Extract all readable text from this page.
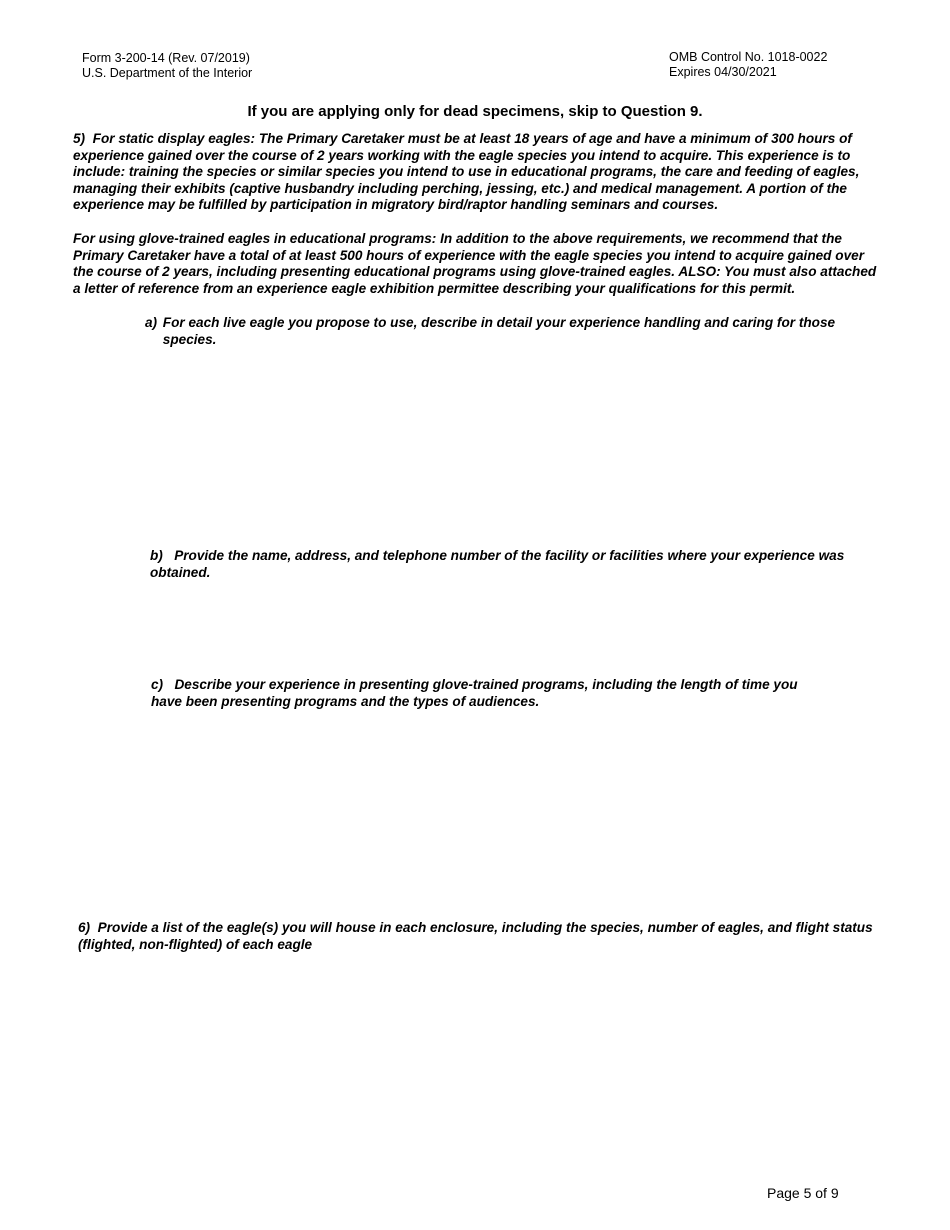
Form 3-200-14 (Rev. 07/2019)
U.S. Department of the Interior
OMB Control No. 1018-0022
Expires 04/30/2021
If you are applying only for dead specimens, skip to Question 9.
5) For static display eagles: The Primary Caretaker must be at least 18 years of age and have a minimum of 300 hours of experience gained over the course of 2 years working with the eagle species you intend to acquire. This experience is to include: training the species or similar species you intend to use in educational programs, the care and feeding of eagles, managing their exhibits (captive husbandry including perching, jessing, etc.) and medical management. A portion of the experience may be fulfilled by participation in migratory bird/raptor handling seminars and courses.
For using glove-trained eagles in educational programs: In addition to the above requirements, we recommend that the Primary Caretaker have a total of at least 500 hours of experience with the eagle species you intend to acquire gained over the course of 2 years, including presenting educational programs using glove-trained eagles. ALSO: You must also attached a letter of reference from an experience eagle exhibition permittee describing your qualifications for this permit.
a) For each live eagle you propose to use, describe in detail your experience handling and caring for those species.
b) Provide the name, address, and telephone number of the facility or facilities where your experience was obtained.
c) Describe your experience in presenting glove-trained programs, including the length of time you have been presenting programs and the types of audiences.
6) Provide a list of the eagle(s) you will house in each enclosure, including the species, number of eagles, and flight status (flighted, non-flighted) of each eagle
Page 5 of 9
